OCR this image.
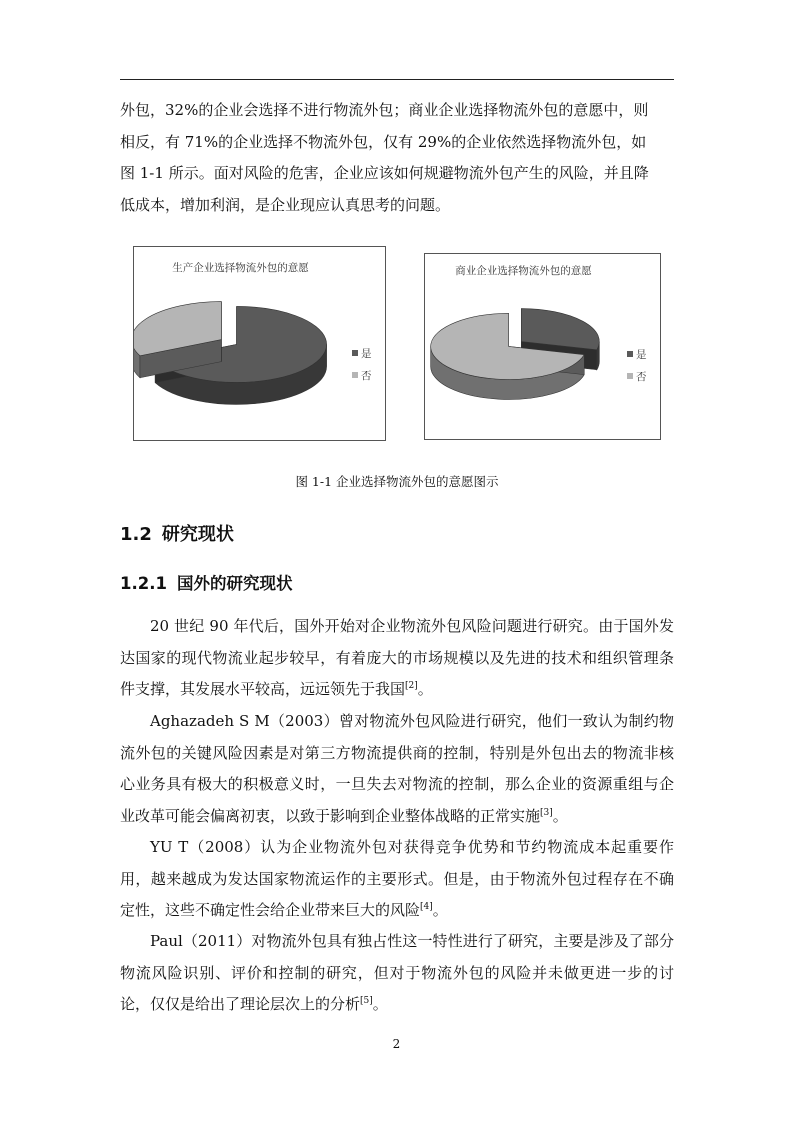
外包，32%的企业会选择不进行物流外包；商业企业选择物流外包的意愿中，则
相反，有 71%的企业选择不物流外包，仅有 29%的企业依然选择物流外包，如
图 1-1 所示。面对风险的危害，企业应该如何规避物流外包产生的风险，并且降
低成本，增加利润，是企业现应认真思考的问题。

生产企业选择物流外包的意愿
是
否
商业企业选择物流外包的意愿
是
否
图 1-1 企业选择物流外包的意愿图示
1.2 研究现状
1.2.1 国外的研究现状

20 世纪 90 年代后，国外开始对企业物流外包风险问题进行研究。由于国外发达国家的现代物流业起步较早，有着庞大的市场规模以及先进的技术和组织管理条件支撑，其发展水平较高，远远领先于我国[2]。

Aghazadeh S M（2003）曾对物流外包风险进行研究，他们一致认为制约物流外包的关键风险因素是对第三方物流提供商的控制，特别是外包出去的物流非核心业务具有极大的积极意义时，一旦失去对物流的控制，那么企业的资源重组与企业改革可能会偏离初衷，以致于影响到企业整体战略的正常实施[3]。

YU T（2008）认为企业物流外包对获得竞争优势和节约物流成本起重要作用，越来越成为发达国家物流运作的主要形式。但是，由于物流外包过程存在不确定性，这些不确定性会给企业带来巨大的风险[4]。

Paul（2011）对物流外包具有独占性这一特性进行了研究，主要是涉及了部分物流风险识别、评价和控制的研究，但对于物流外包的风险并未做更进一步的讨论，仅仅是给出了理论层次上的分析[5]。

2
